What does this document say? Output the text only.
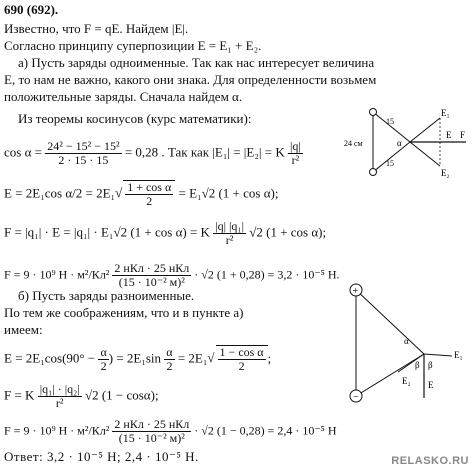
690 (692).
Известно, что F = qE. Найдем |E|.
Согласно принципу суперпозиции E = E₁ + E₂.
а) Пусть заряды одноименные. Так как нас интересует величина
E, то нам не важно, какого они знака. Для определенности возьмем
положительные заряды. Сначала найдем α.
Из теоремы косинусов (курс математики):
$\cos \alpha = \frac{\text{24² − 15² − 15²}}{2 \cdot 15 \cdot 15} = 0,28$ . Так как |E₁| = |E₂| = K $\frac{|q|}{\text{r²}}$
E = 2E₁cos $\alpha/2 = 2E_1√ \frac{\text{1 + cos α}}{2} = E_1√2$ (1 + cos α);
F = |q₁| · E = |q₁| · E₁√2 (1 + cos α) = K $\frac{\text{|q| |q₁|}}{\text{r²}} √2$ (1 + cos α);
F = 9 · 10⁹ $Н \cdot м^2/Кл^2 \frac{\text{2 нКл · 25 нКл}}{\text{(15 · 10⁻² м)²}} \cdot √2$ (1 + 0,28) = 3,2 · 10⁻⁵ Н.
б) Пусть заряды разноименные.
По тем же соображениям, что и в пункте а)
имеем:
$E = 2E_1\cos(90^\circ - \frac{\alpha}{2}$ ) = $2E_1\sin \frac{\alpha}{2} = 2E_1√ \frac{\text{1 − cos α}}{2}$ ;
F = K $\frac{\text{|q₁| · |q₂|}}{\text{r²}} √2$ (1 − cosα);
F = 9 · 10⁹ $Н \cdot м^2/Кл^2 \frac{\text{2 нКл · 25 нКл}}{\text{(15 · 10⁻² м)²}} \cdot √2$ (1 − 0,28) = 2,4 · 10⁻⁵ Н
Ответ: 3,2 · 10⁻⁵ Н; 2,4 · 10⁻⁵ Н.
24 см
15
15
α
E₁
E₂
E F
+
−
α
β β
E₁
E₂ E
RELASKO.RU
